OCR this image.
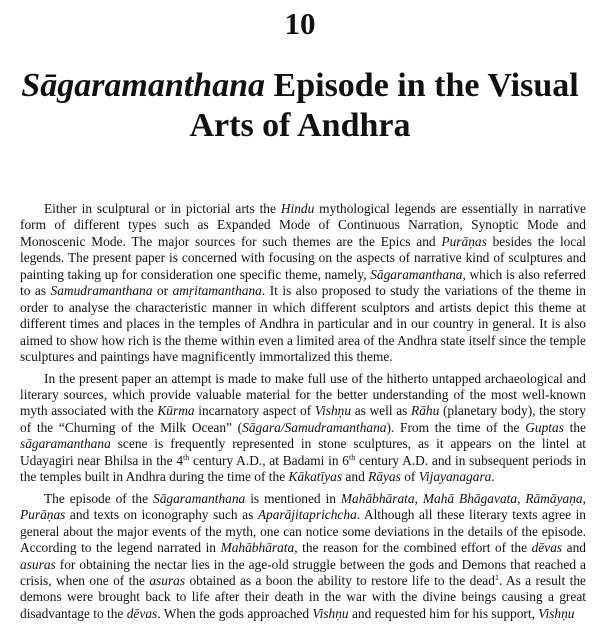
10
Sāgaramanthana Episode in the Visual Arts of Andhra

Either in sculptural or in pictorial arts the Hindu mythological legends are essentially in narrative form of different types such as Expanded Mode of Continuous Narration, Synoptic Mode and Monoscenic Mode. The major sources for such themes are the Epics and Purāṇas besides the local legends. The present paper is concerned with focusing on the aspects of narrative kind of sculptures and painting taking up for consideration one specific theme, namely, Sāgaramanthana, which is also referred to as Samudramanthana or amṛitamanthana. It is also proposed to study the variations of the theme in order to analyse the characteristic manner in which different sculptors and artists depict this theme at different times and places in the temples of Andhra in particular and in our country in general. It is also aimed to show how rich is the theme within even a limited area of the Andhra state itself since the temple sculptures and paintings have magnificently immortalized this theme.

In the present paper an attempt is made to make full use of the hitherto untapped archaeological and literary sources, which provide valuable material for the better understanding of the most well-known myth associated with the Kūrma incarnatory aspect of Vishṇu as well as Rāhu (planetary body), the story of the “Churning of the Milk Ocean” (Sāgara/Samudramanthana). From the time of the Guptas the sāgaramanthana scene is frequently represented in stone sculptures, as it appears on the lintel at Udayagiri near Bhilsa in the 4th century A.D., at Badami in 6th century A.D. and in subsequent periods in the temples built in Andhra during the time of the Kākatīyas and Rāyas of Vijayanagara.

The episode of the Sāgaramanthana is mentioned in Mahābhārata, Mahā Bhāgavata, Rāmāyaṇa, Purāṇas and texts on iconography such as Aparājitaprichcha. Although all these literary texts agree in general about the major events of the myth, one can notice some deviations in the details of the episode. According to the legend narrated in Mahābhārata, the reason for the combined effort of the dēvas and asuras for obtaining the nectar lies in the age-old struggle between the gods and Demons that reached a crisis, when one of the asuras obtained as a boon the ability to restore life to the dead$^1$. As a result the demons were brought back to life after their death in the war with the divine beings causing a great disadvantage to the dēvas. When the gods approached Vishṇu and requested him for his support, Vishṇu
